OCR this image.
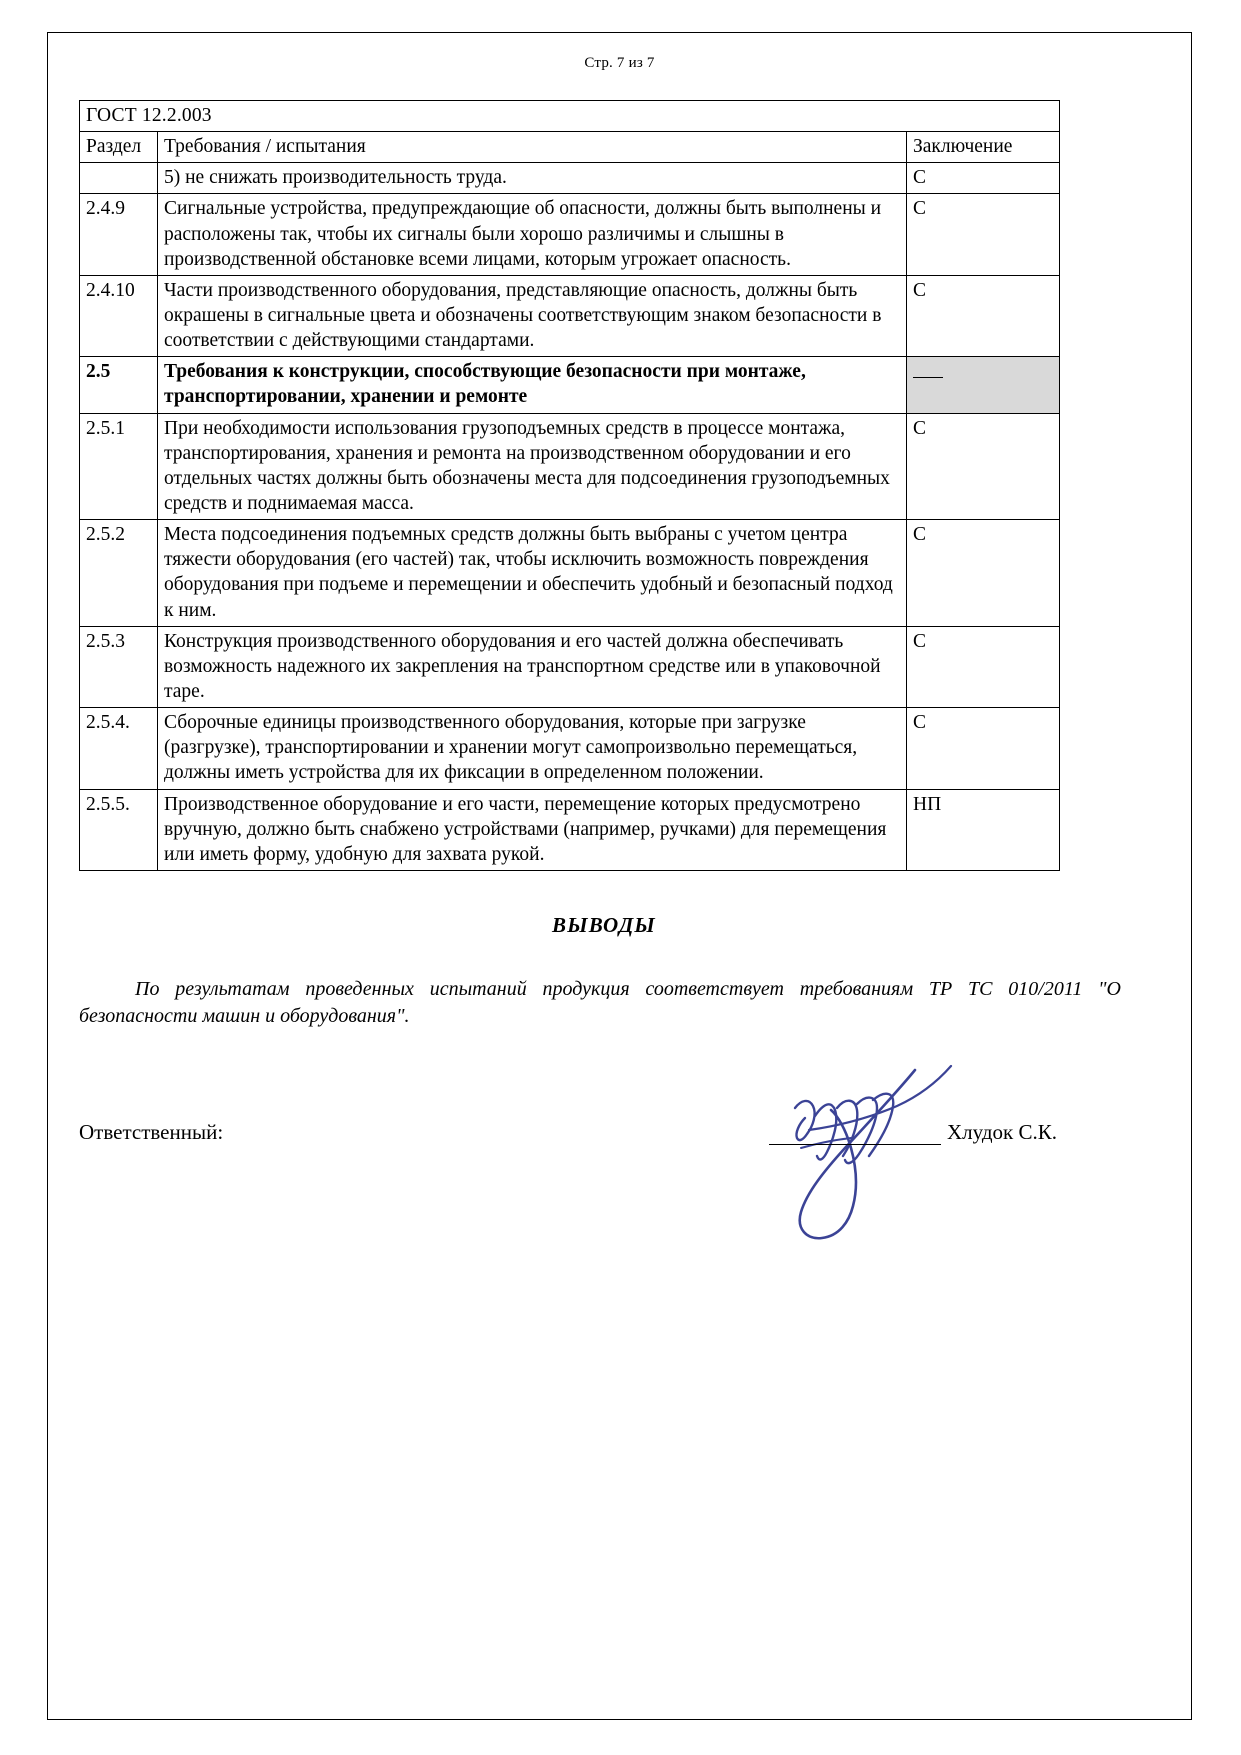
Стр. 7 из 7
ГОСТ 12.2.003		
Раздел	Требования / испытания	Заключение
	5) не снижать производительность труда.	С
2.4.9	Сигнальные устройства, предупреждающие об опасности, должны быть выполнены и расположены так, чтобы их сигналы были хорошо различимы и слышны в производственной обстановке всеми лицами, которым угрожает опасность.	С
2.4.10	Части производственного оборудования, представляющие опасность, должны быть окрашены в сигнальные цвета и обозначены соответствующим знаком безопасности в соответствии с действующими стандартами.	С
2.5	Требования к конструкции, способствующие безопасности при монтаже, транспортировании, хранении и ремонте	
2.5.1	При необходимости использования грузоподъемных средств в процессе монтажа, транспортирования, хранения и ремонта на производственном оборудовании и его отдельных частях должны быть обозначены места для подсоединения грузоподъемных средств и поднимаемая масса.	С
2.5.2	Места подсоединения подъемных средств должны быть выбраны с учетом центра тяжести оборудования (его частей) так, чтобы исключить возможность повреждения оборудования при подъеме и перемещении и обеспечить удобный и безопасный подход к ним.	С
2.5.3	Конструкция производственного оборудования и его частей должна обеспечивать возможность надежного их закрепления на транспортном средстве или в упаковочной таре.	С
2.5.4.	Сборочные единицы производственного оборудования, которые при загрузке (разгрузке), транспортировании и хранении могут самопроизвольно перемещаться, должны иметь устройства для их фиксации в определенном положении.	С
2.5.5.	Производственное оборудование и его части, перемещение которых предусмотрено вручную, должно быть снабжено устройствами (например, ручками) для перемещения или иметь форму, удобную для захвата рукой.	НП
ВЫВОДЫ
По результатам проведенных испытаний продукция соответствует требованиям ТР ТС 010/2011 "О безопасности машин и оборудования".
Ответственный:	Хлудок С.К.
